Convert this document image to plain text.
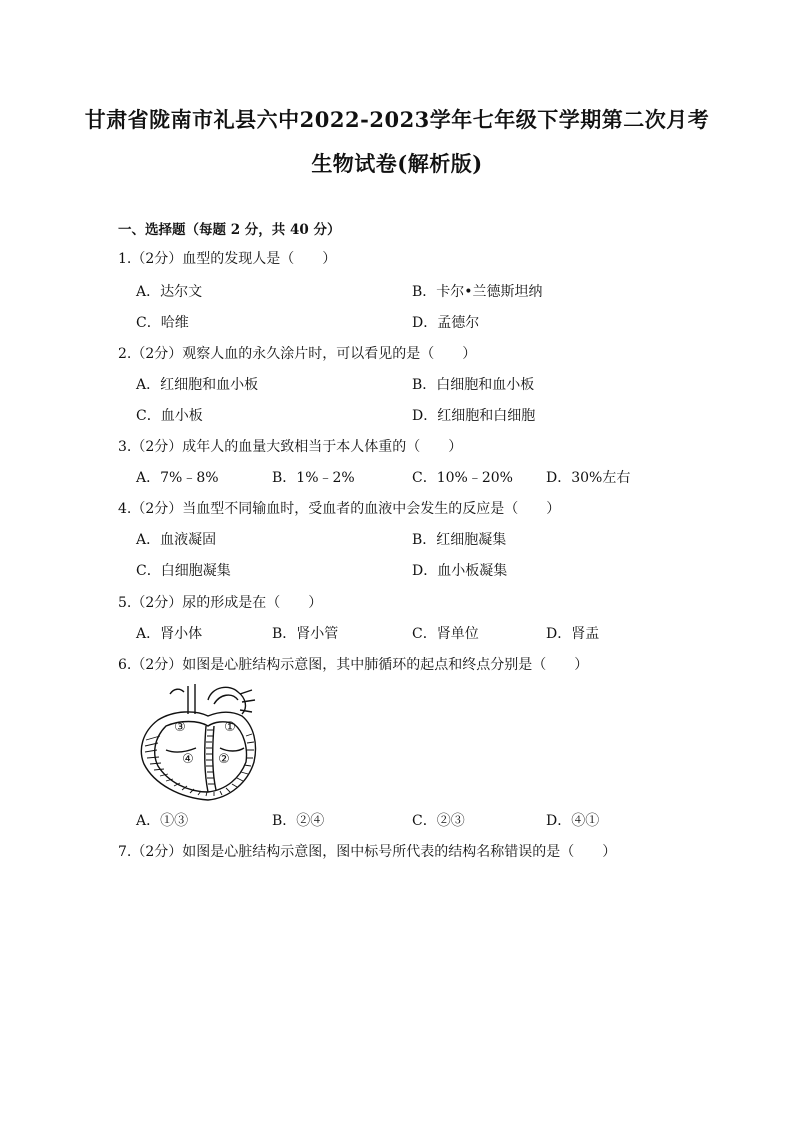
甘肃省陇南市礼县六中2022-2023学年七年级下学期第二次月考
生物试卷(解析版)
一、选择题（每题 2 分，共 40 分）
1.（2分）血型的发现人是（　　）
A．达尔文	B．卡尔•兰德斯坦纳
C．哈维	D．孟德尔
2.（2分）观察人血的永久涂片时，可以看见的是（　　）
A．红细胞和血小板	B．白细胞和血小板
C．血小板	D．红细胞和白细胞
3.（2分）成年人的血量大致相当于本人体重的（　　）
A．7%﹣8%	B．1%﹣2%	C．10%﹣20% D．30%左右
4.（2分）当血型不同输血时，受血者的血液中会发生的反应是（　　）
A．血液凝固	B．红细胞凝集
C．白细胞凝集	D．血小板凝集
5.（2分）尿的形成是在（　　）
A．肾小体	B．肾小管	C．肾单位	D．肾盂
6.（2分）如图是心脏结构示意图，其中肺循环的起点和终点分别是（　　）
③	①
④ ②
A．①③	B．②④	C．②③	D．④①
7.（2分）如图是心脏结构示意图，图中标号所代表的结构名称错误的是（　　）
